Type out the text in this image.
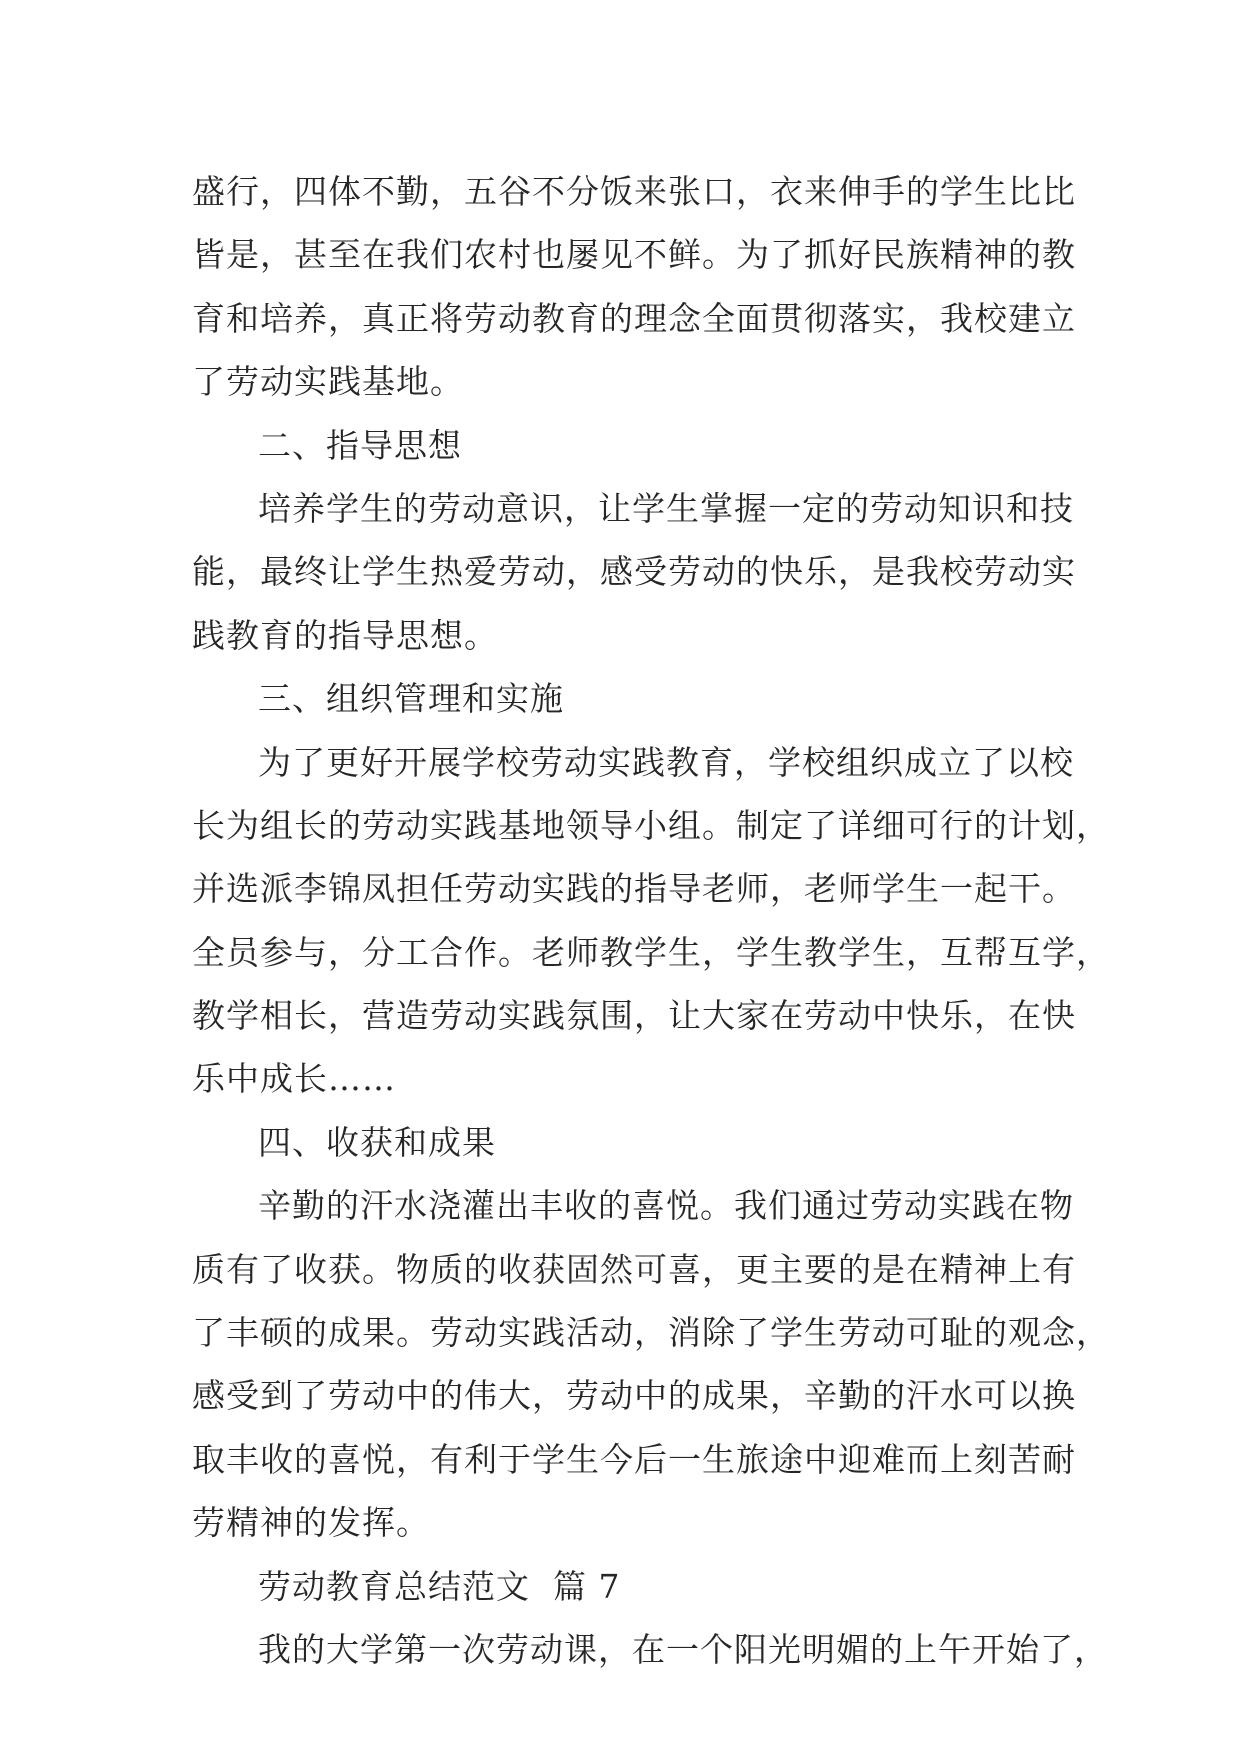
盛行，四体不勤，五谷不分饭来张口，衣来伸手的学生比比
皆是，甚至在我们农村也屡见不鲜。为了抓好民族精神的教
育和培养，真正将劳动教育的理念全面贯彻落实，我校建立
了劳动实践基地。
二、指导思想
培养学生的劳动意识，让学生掌握一定的劳动知识和技
能，最终让学生热爱劳动，感受劳动的快乐，是我校劳动实
践教育的指导思想。
三、组织管理和实施
为了更好开展学校劳动实践教育，学校组织成立了以校
长为组长的劳动实践基地领导小组。制定了详细可行的计划，
并选派李锦凤担任劳动实践的指导老师，老师学生一起干。
全员参与，分工合作。老师教学生，学生教学生，互帮互学，
教学相长，营造劳动实践氛围，让大家在劳动中快乐，在快
乐中成长……
四、收获和成果
辛勤的汗水浇灌出丰收的喜悦。我们通过劳动实践在物
质有了收获。物质的收获固然可喜，更主要的是在精神上有
了丰硕的成果。劳动实践活动，消除了学生劳动可耻的观念，
感受到了劳动中的伟大，劳动中的成果，辛勤的汗水可以换
取丰收的喜悦，有利于学生今后一生旅途中迎难而上刻苦耐
劳精神的发挥。
劳动教育总结范文  篇 7
我的大学第一次劳动课，在一个阳光明媚的上午开始了，
